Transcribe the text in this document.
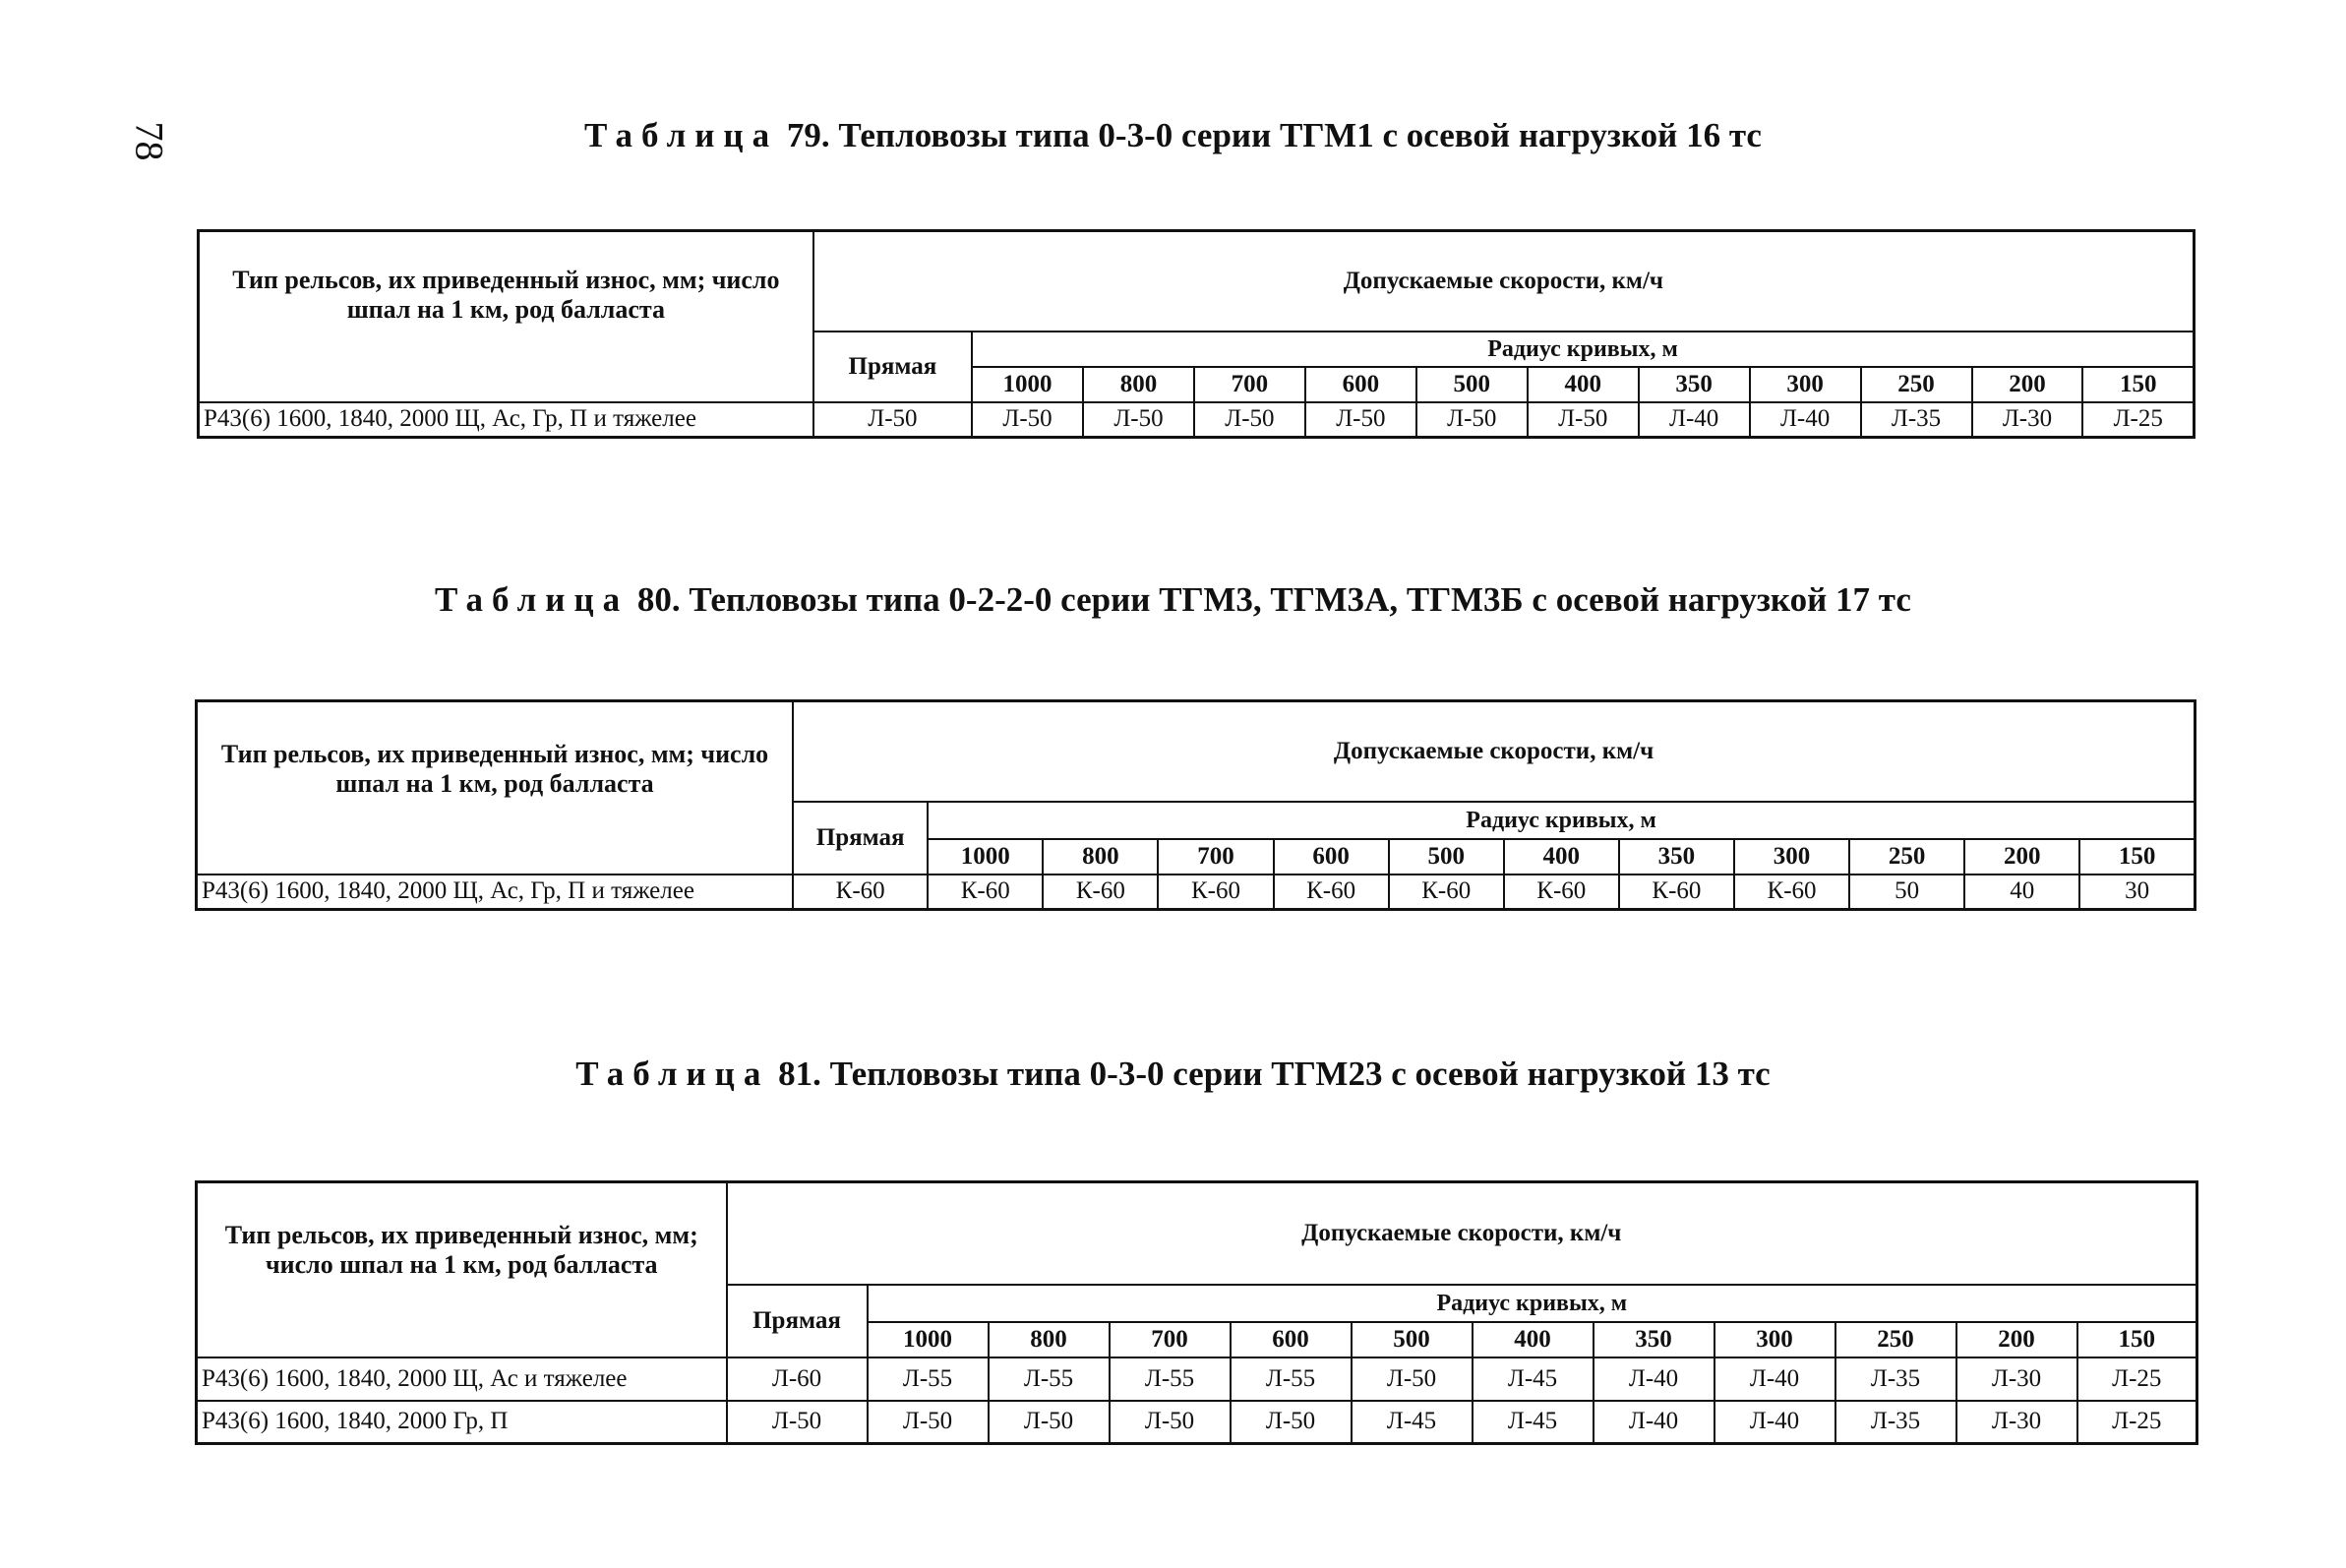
78	Таблица 79. Тепловозы типа 0-3-0 серии ТГМ1 с осевой нагрузкой 16 тс
Тип рельсов, их приведенный износ, мм; число шпал на 1 км, род балласта	Допускаемые скорости, км/ч											
	Прямая	Радиус кривых, м										
		1000	800	700	600	500	400	350	300	250	200	150
Р43(6) 1600, 1840, 2000 Щ, Ас, Гр, П и тяжелее	Л-50	Л-50	Л-50	Л-50	Л-50	Л-50	Л-50	Л-40	Л-40	Л-35	Л-30	Л-25
Таблица 80. Тепловозы типа 0-2-2-0 серии ТГМ3, ТГМ3А, ТГМ3Б с осевой нагрузкой 17 тс
Тип рельсов, их приведенный износ, мм; число шпал на 1 км, род балласта	Допускаемые скорости, км/ч											
	Прямая	Радиус кривых, м										
		1000	800	700	600	500	400	350	300	250	200	150
Р43(6) 1600, 1840, 2000 Щ, Ас, Гр, П и тяжелее	К-60	К-60	К-60	К-60	К-60	К-60	К-60	К-60	К-60	50	40	30
Таблица 81. Тепловозы типа 0-3-0 серии ТГМ23 с осевой нагрузкой 13 тс
Тип рельсов, их приведенный износ, мм; число шпал на 1 км, род балласта	Допускаемые скорости, км/ч											
	Прямая	Радиус кривых, м										
		1000	800	700	600	500	400	350	300	250	200	150
Р43(6) 1600, 1840, 2000 Щ, Ас и тяжелее	Л-60	Л-55	Л-55	Л-55	Л-55	Л-50	Л-45	Л-40	Л-40	Л-35	Л-30	Л-25
Р43(6) 1600, 1840, 2000 Гр, П	Л-50	Л-50	Л-50	Л-50	Л-50	Л-45	Л-45	Л-40	Л-40	Л-35	Л-30	Л-25
